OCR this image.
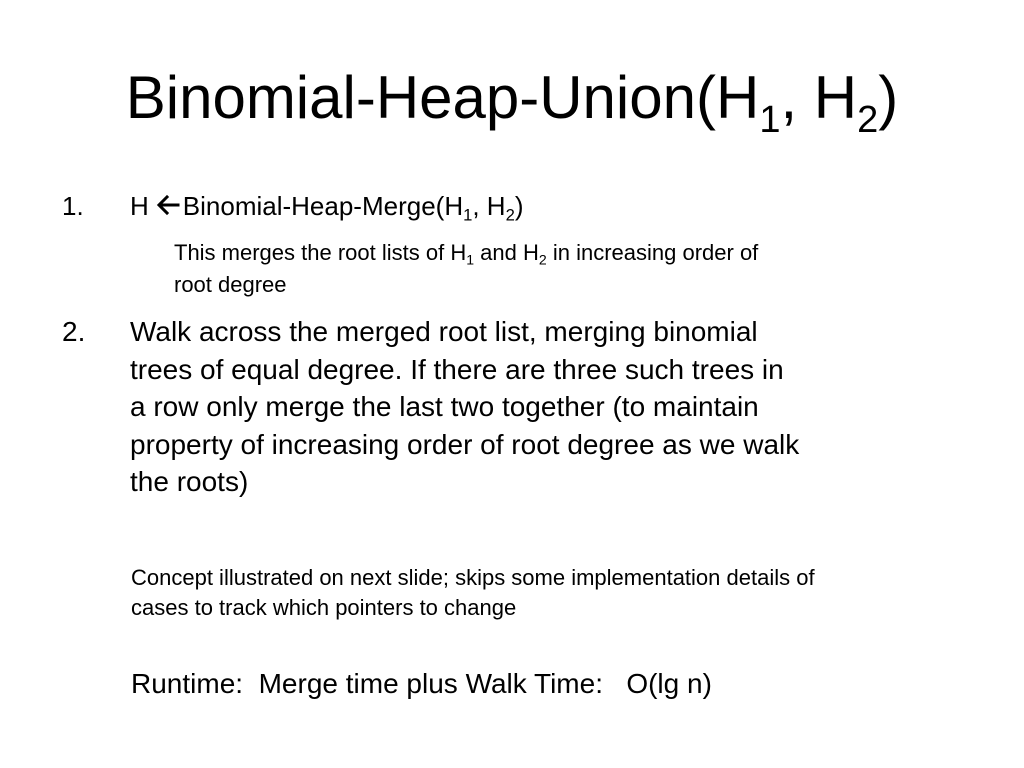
Binomial-$Heap-Union(H_1$, $H_2$)
1. H Binomial-$Heap-Merge(H_1$, $H_2$)
This merges the root lists of $H_1$ and $H_2$ in increasing order of
root degree
2. Walk across the merged root list, merging binomial
trees of equal degree. If there are three such trees in
a row only merge the last two together (to maintain
property of increasing order of root degree as we walk
the roots)
Concept illustrated on next slide; skips some implementation details of
cases to track which pointers to change
Runtime:  Merge time plus Walk Time:   O(lg n)
